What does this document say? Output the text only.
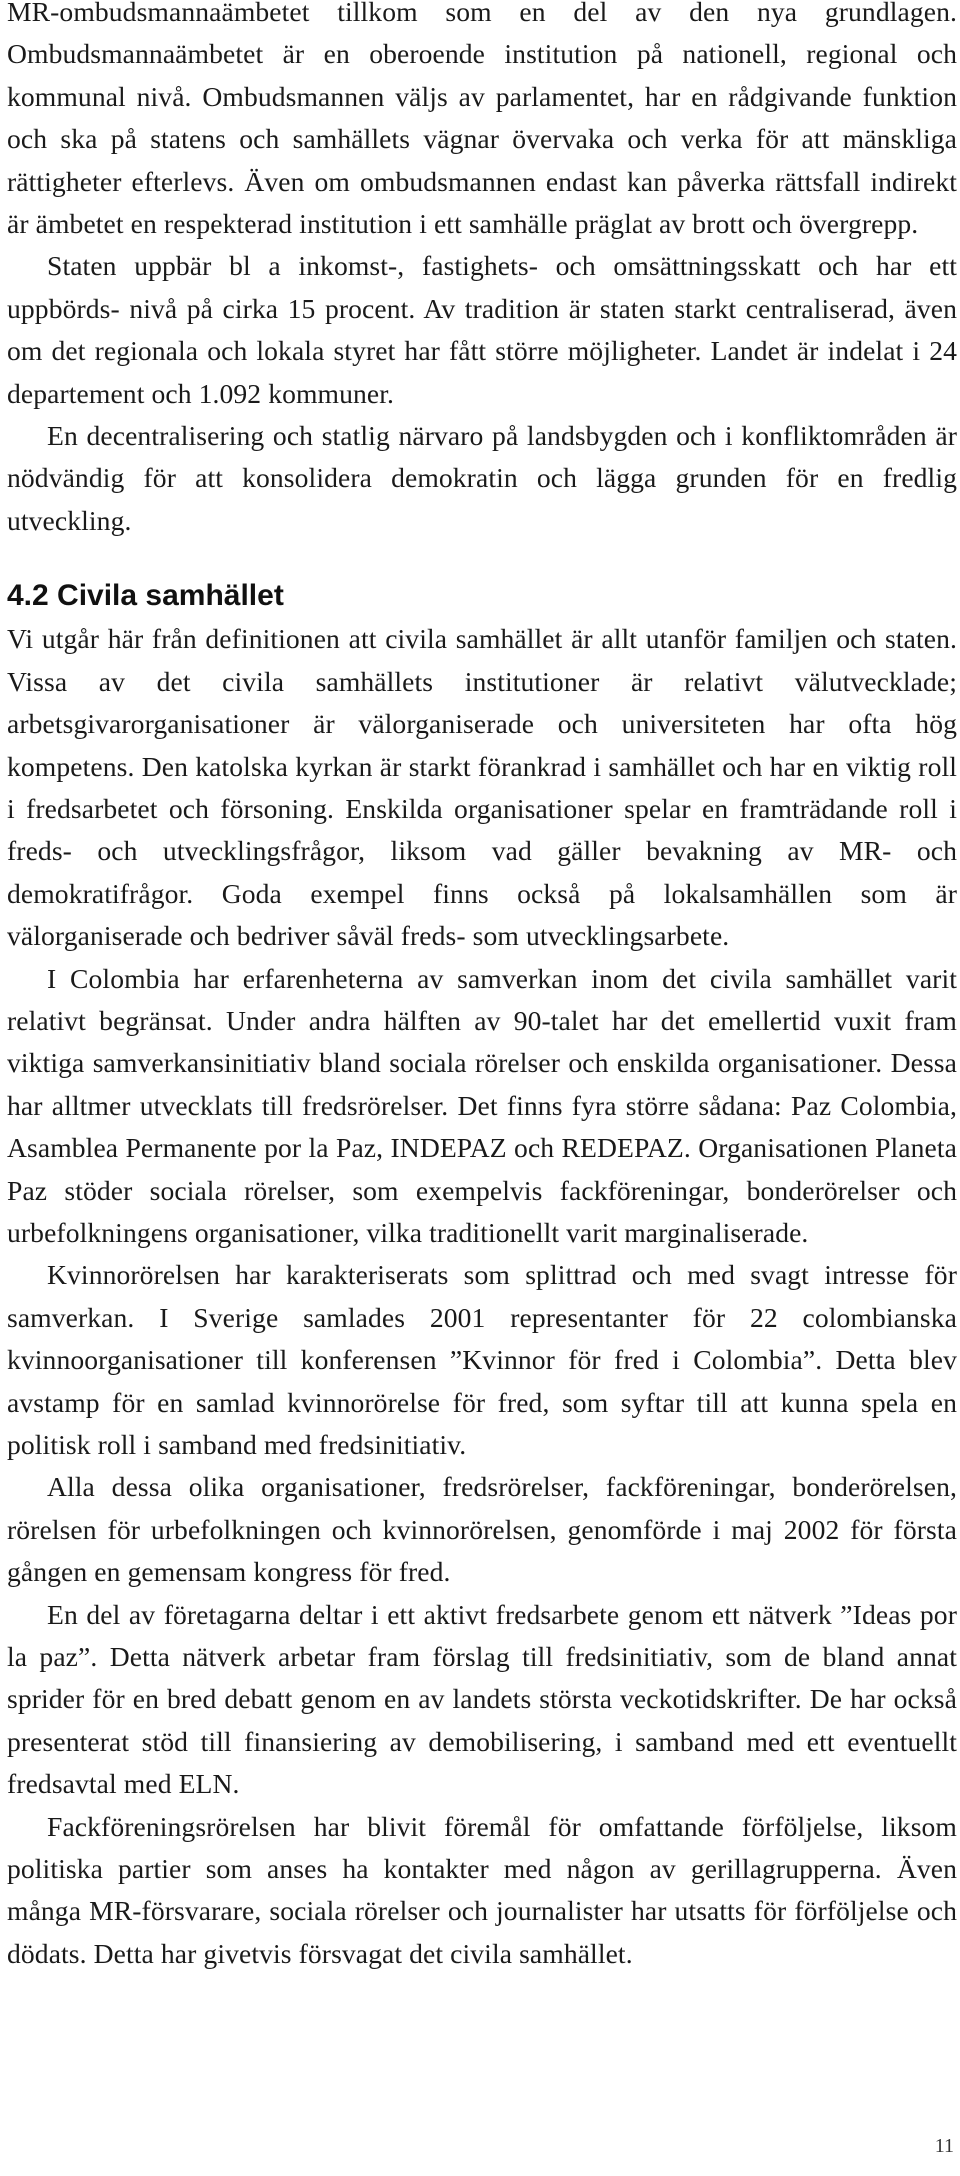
MR-ombudsmannaämbetet tillkom som en del av den nya grundlagen. Ombudsmannaämbetet är en oberoende institution på nationell, regional och kommunal nivå. Ombudsmannen väljs av parlamentet, har en rådgivande funktion och ska på statens och samhällets vägnar övervaka och verka för att mänskliga rättigheter efterlevs. Även om ombudsmannen endast kan påverka rättsfall indirekt är ämbetet en respekterad institution i ett samhälle präglat av brott och övergrepp.

Staten uppbär bl a inkomst-, fastighets- och omsättningsskatt och har ett uppbörds- nivå på cirka 15 procent. Av tradition är staten starkt centraliserad, även om det regionala och lokala styret har fått större möjligheter. Landet är indelat i 24 departement och 1.092 kommuner.

En decentralisering och statlig närvaro på landsbygden och i konfliktområden är nödvändig för att konsolidera demokratin och lägga grunden för en fredlig utveckling.

4.2 Civila samhället

Vi utgår här från definitionen att civila samhället är allt utanför familjen och staten. Vissa av det civila samhällets institutioner är relativt välutvecklade; arbetsgivarorganisationer är välorganiserade och universiteten har ofta hög kompetens. Den katolska kyrkan är starkt förankrad i samhället och har en viktig roll i fredsarbetet och försoning. Enskilda organisationer spelar en framträdande roll i freds- och utvecklingsfrågor, liksom vad gäller bevakning av MR- och demokratifrågor. Goda exempel finns också på lokalsamhällen som är välorganiserade och bedriver såväl freds- som utvecklingsarbete.

I Colombia har erfarenheterna av samverkan inom det civila samhället varit relativt begränsat. Under andra hälften av 90-talet har det emellertid vuxit fram viktiga samverkansinitiativ bland sociala rörelser och enskilda organisationer. Dessa har alltmer utvecklats till fredsrörelser. Det finns fyra större sådana: Paz Colombia, Asamblea Permanente por la Paz, INDEPAZ och REDEPAZ. Organisationen Planeta Paz stöder sociala rörelser, som exempelvis fackföreningar, bonderörelser och urbefolkningens organisationer, vilka traditionellt varit marginaliserade.

Kvinnorörelsen har karakteriserats som splittrad och med svagt intresse för samverkan. I Sverige samlades 2001 representanter för 22 colombianska kvinnoorganisationer till konferensen ”Kvinnor för fred i Colombia”. Detta blev avstamp för en samlad kvinnorörelse för fred, som syftar till att kunna spela en politisk roll i samband med fredsinitiativ.

Alla dessa olika organisationer, fredsrörelser, fackföreningar, bonderörelsen, rörelsen för urbefolkningen och kvinnorörelsen, genomförde i maj 2002 för första gången en gemensam kongress för fred.

En del av företagarna deltar i ett aktivt fredsarbete genom ett nätverk ”Ideas por la paz”. Detta nätverk arbetar fram förslag till fredsinitiativ, som de bland annat sprider för en bred debatt genom en av landets största veckotidskrifter. De har också presenterat stöd till finansiering av demobilisering, i samband med ett eventuellt fredsavtal med ELN.

Fackföreningsrörelsen har blivit föremål för omfattande förföljelse, liksom politiska partier som anses ha kontakter med någon av gerillagrupperna. Även många MR-försvarare, sociala rörelser och journalister har utsatts för förföljelse och dödats. Detta har givetvis försvagat det civila samhället.

11
